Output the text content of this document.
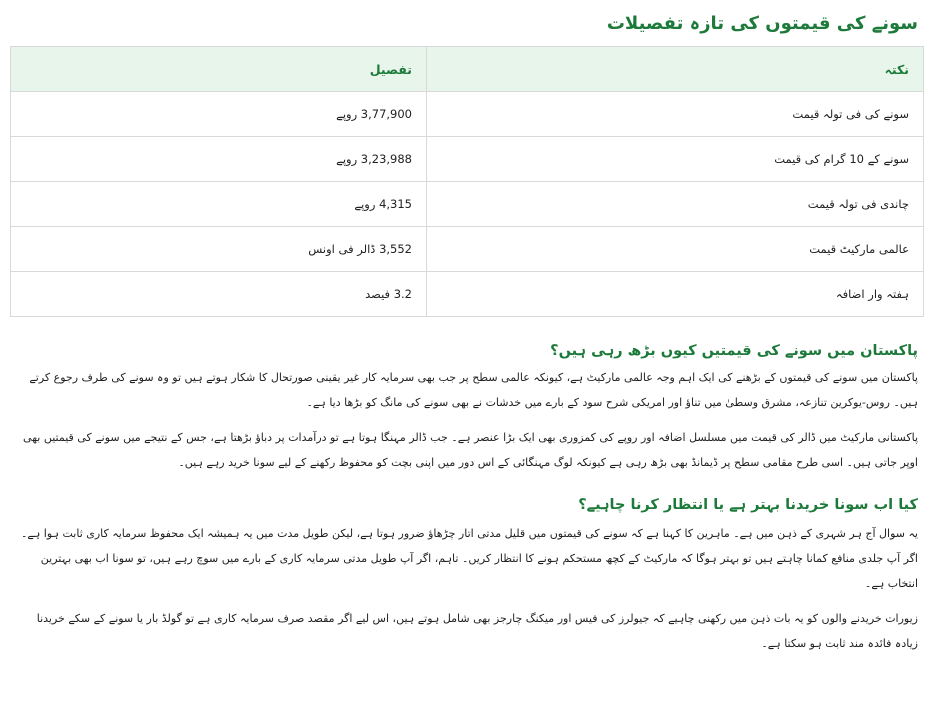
سونے کی قیمتوں کی تازہ تفصیلات
نکتہ	تفصیل
سونے کی فی تولہ قیمت	3,77,900 روپے
سونے کے 10 گرام کی قیمت	3,23,988 روپے
چاندی فی تولہ قیمت	4,315 روپے
عالمی مارکیٹ قیمت	3,552 ڈالر فی اونس
ہفتہ وار اضافہ	3.2 فیصد
پاکستان میں سونے کی قیمتیں کیوں بڑھ رہی ہیں؟

پاکستان میں سونے کی قیمتوں کے بڑھنے کی ایک اہم وجہ عالمی مارکیٹ ہے، کیونکہ عالمی سطح پر جب بھی سرمایہ کار غیر یقینی صورتحال کا شکار ہوتے ہیں تو وہ سونے کی طرف رجوع کرتے ہیں۔ روس-یوکرین تنازعہ، مشرق وسطیٰ میں تناؤ اور امریکی شرح سود کے بارے میں خدشات نے بھی سونے کی مانگ کو بڑھا دیا ہے۔

پاکستانی مارکیٹ میں ڈالر کی قیمت میں مسلسل اضافہ اور روپے کی کمزوری بھی ایک بڑا عنصر ہے۔ جب ڈالر مہنگا ہوتا ہے تو درآمدات پر دباؤ بڑھتا ہے، جس کے نتیجے میں سونے کی قیمتیں بھی اوپر جاتی ہیں۔ اسی طرح مقامی سطح پر ڈیمانڈ بھی بڑھ رہی ہے کیونکہ لوگ مہنگائی کے اس دور میں اپنی بچت کو محفوظ رکھنے کے لیے سونا خرید رہے ہیں۔

کیا اب سونا خریدنا بہتر ہے یا انتظار کرنا چاہیے؟

یہ سوال آج ہر شہری کے ذہن میں ہے۔ ماہرین کا کہنا ہے کہ سونے کی قیمتوں میں قلیل مدتی اتار چڑھاؤ ضرور ہوتا ہے، لیکن طویل مدت میں یہ ہمیشہ ایک محفوظ سرمایہ کاری ثابت ہوا ہے۔ اگر آپ جلدی منافع کمانا چاہتے ہیں تو بہتر ہوگا کہ مارکیٹ کے کچھ مستحکم ہونے کا انتظار کریں۔ تاہم، اگر آپ طویل مدتی سرمایہ کاری کے بارے میں سوچ رہے ہیں، تو سونا اب بھی بہترین انتخاب ہے۔

زیورات خریدنے والوں کو یہ بات ذہن میں رکھنی چاہیے کہ جیولرز کی فیس اور میکنگ چارجز بھی شامل ہوتے ہیں، اس لیے اگر مقصد صرف سرمایہ کاری ہے تو گولڈ بار یا سونے کے سکے خریدنا زیادہ فائدہ مند ثابت ہو سکتا ہے۔
